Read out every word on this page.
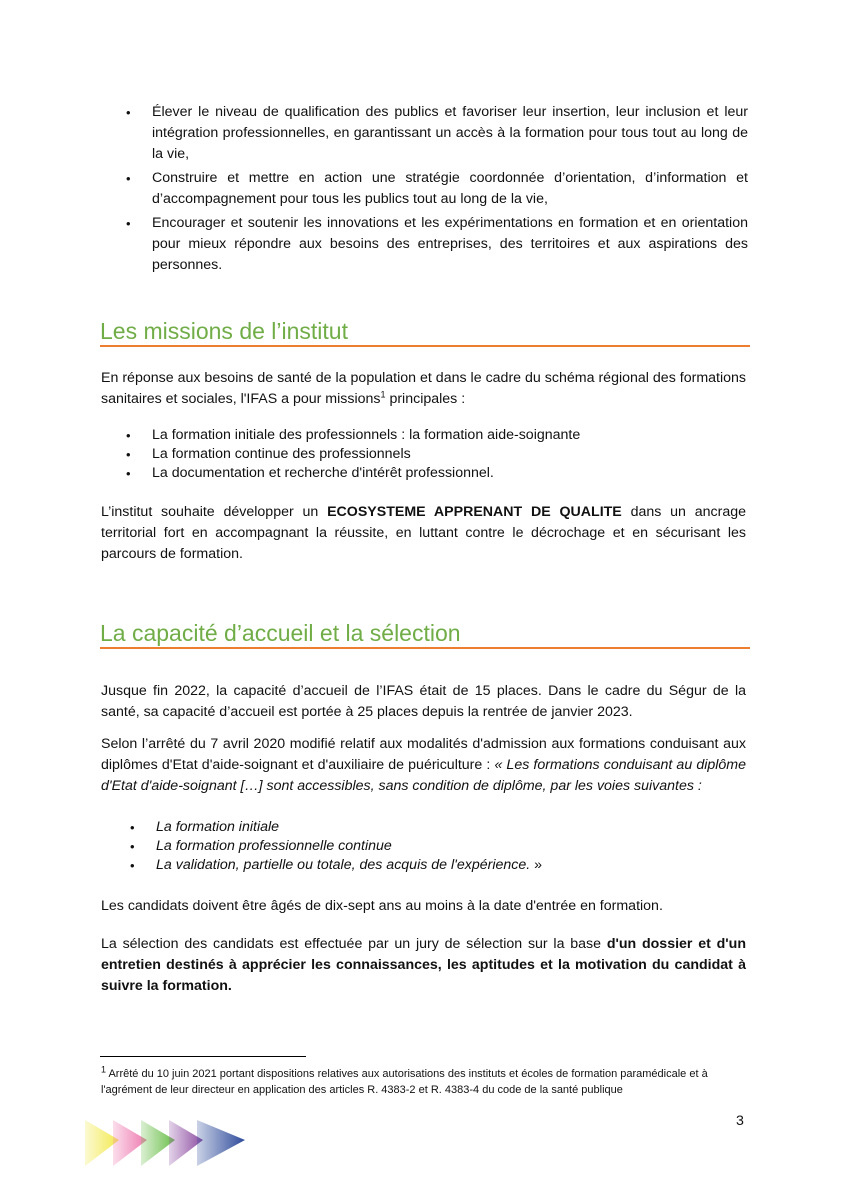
•
Élever le niveau de qualification des publics et favoriser leur insertion, leur inclusion et leur intégration professionnelles, en garantissant un accès à la formation pour tous tout au long de la vie,
•
Construire et mettre en action une stratégie coordonnée d’orientation, d’information et d’accompagnement pour tous les publics tout au long de la vie,
•
Encourager et soutenir les innovations et les expérimentations en formation et en orientation pour mieux répondre aux besoins des entreprises, des territoires et aux aspirations des personnes.
Les missions de l’institut
En réponse aux besoins de santé de la population et dans le cadre du schéma régional des formations sanitaires et sociales, l'IFAS a pour missions$^1$ principales :
•
La formation initiale des professionnels : la formation aide-soignante
•
La formation continue des professionnels
•
La documentation et recherche d'intérêt professionnel.
L’institut souhaite développer un ECOSYSTEME APPRENANT DE QUALITE dans un ancrage territorial fort en accompagnant la réussite, en luttant contre le décrochage et en sécurisant les parcours de formation.
La capacité d’accueil et la sélection
Jusque fin 2022, la capacité d’accueil de l’IFAS était de 15 places. Dans le cadre du Ségur de la santé, sa capacité d’accueil est portée à 25 places depuis la rentrée de janvier 2023.
Selon l’arrêté du 7 avril 2020 modifié relatif aux modalités d'admission aux formations conduisant aux diplômes d'Etat d'aide-soignant et d'auxiliaire de puériculture : « Les formations conduisant au diplôme d'Etat d'aide-soignant […] sont accessibles, sans condition de diplôme, par les voies suivantes :
•
La formation initiale
•
La formation professionnelle continue
•
La validation, partielle ou totale, des acquis de l'expérience. »
Les candidats doivent être âgés de dix-sept ans au moins à la date d'entrée en formation.
La sélection des candidats est effectuée par un jury de sélection sur la base d'un dossier et d'un entretien destinés à apprécier les connaissances, les aptitudes et la motivation du candidat à suivre la formation.
$^1$ Arrêté du 10 juin 2021 portant dispositions relatives aux autorisations des instituts et écoles de formation paramédicale et à l'agrément de leur directeur en application des articles R. 4383-2 et R. 4383-4 du code de la santé publique
3
